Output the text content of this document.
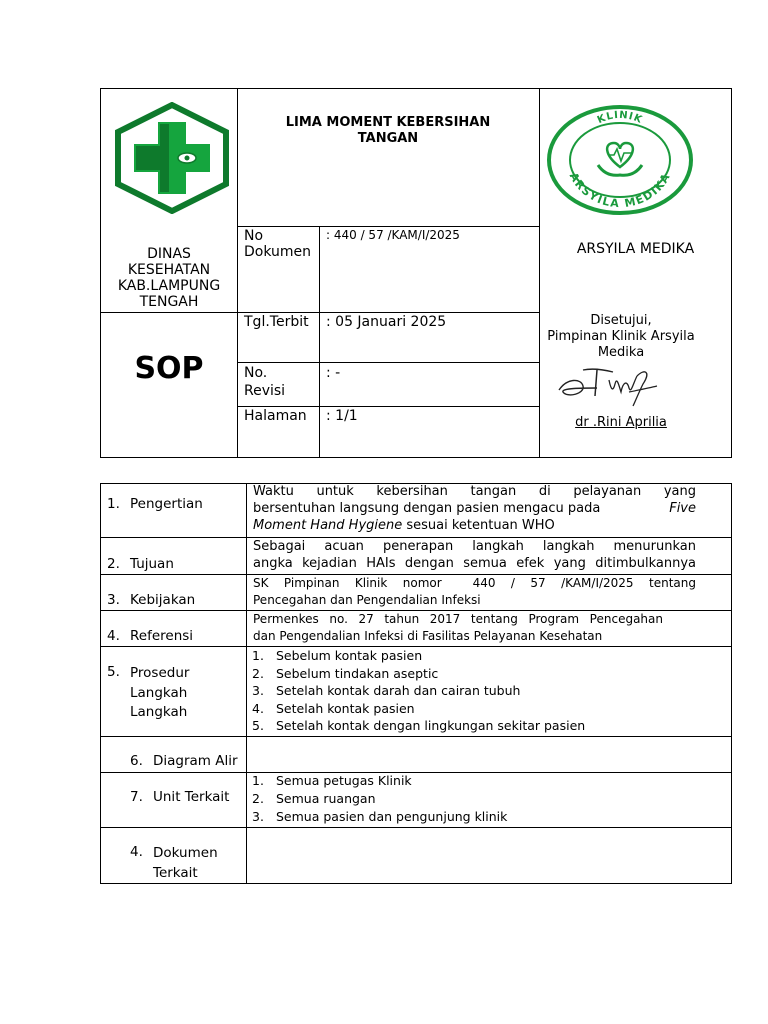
DINAS
KESEHATAN
KAB.LAMPUNG
TENGAH
LIMA MOMENT KEBERSIHAN TANGAN
SOP
KLINIK
ARSYILA MEDIKA
ARSYILA MEDIKA
No Dokumen
: 440 / 57 /KAM/I/2025
Tgl.Terbit : 05 Januari 2025
No. Revisi
: -
Halaman : 1/1
Disetujui,
Pimpinan Klinik Arsyila Medika
dr .Rini Aprilia
1. Pengertian
Waktu untuk kebersihan tangan di pelayanan yang
bersentuhan langsung dengan pasien mengacu pada	Five
Moment Hand Hygiene sesuai ketentuan WHO
2. Tujuan
Sebagai acuan penerapan langkah langkah menurunkan
angka kejadian HAIs dengan semua efek yang ditimbulkannya
3. Kebijakan
SK Pimpinan Klinik nomor  440 / 57 /KAM/I/2025 tentang
Pencegahan dan Pengendalian Infeksi
4. Referensi
Permenkes no. 27 tahun 2017 tentang Program Pencegahan
dan Pengendalian Infeksi di Fasilitas Pelayanan Kesehatan
5. Prosedur
Langkah
Langkah
1. Sebelum kontak pasien
2. Sebelum tindakan aseptic
3. Setelah kontak darah dan cairan tubuh
4. Setelah kontak pasien
5. Setelah kontak dengan lingkungan sekitar pasien
6. Diagram Alir
7. Unit Terkait
1. Semua petugas Klinik
2. Semua ruangan
3. Semua pasien dan pengunjung klinik
4. Dokumen
Terkait
